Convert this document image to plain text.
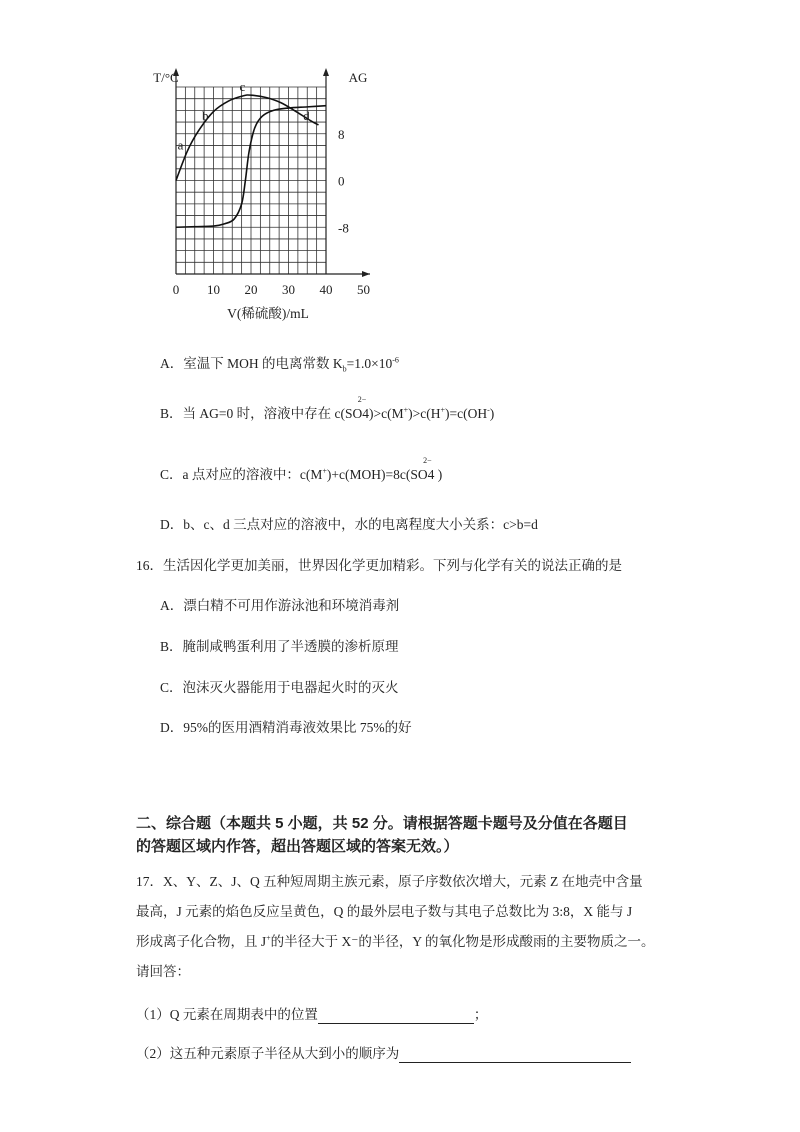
0 10 20 30 40 50
8
0
-8
T/°C	AG
V(稀硫酸)/mL
a
b
c
d
A．室温下 MOH 的电离常数 $K_b=1.0\times 10^{-6}$
B．当 AG=0 时，溶液中存在 c(SO
2−
4)>c(M+)>c(H+)=c(OH-)
C．a 点对应的溶液中：c(M+)+c(MOH)=8c(SO
2−
4 )
D．b、c、d 三点对应的溶液中，水的电离程度大小关系：c>b=d
16．生活因化学更加美丽，世界因化学更加精彩。下列与化学有关的说法正确的是
A．漂白精不可用作游泳池和环境消毒剂
B．腌制咸鸭蛋利用了半透膜的渗析原理
C．泡沫灭火器能用于电器起火时的灭火
D．95%的医用酒精消毒液效果比 75%的好
二、综合题（本题共 5 小题，共 52 分。请根据答题卡题号及分值在各题目
的答题区域内作答，超出答题区域的答案无效。）
17．X、Y、Z、J、Q 五种短周期主族元素，原子序数依次增大，元素 Z 在地壳中含量
最高，J 元素的焰色反应呈黄色，Q 的最外层电子数与其电子总数比为 3:8，X 能与 J
形成离子化合物，且 J+的半径大于 X⁻的半径，Y 的氧化物是形成酸雨的主要物质之一。
请回答：
（1）Q 元素在周期表中的位置	；
（2）这五种元素原子半径从大到小的顺序为
